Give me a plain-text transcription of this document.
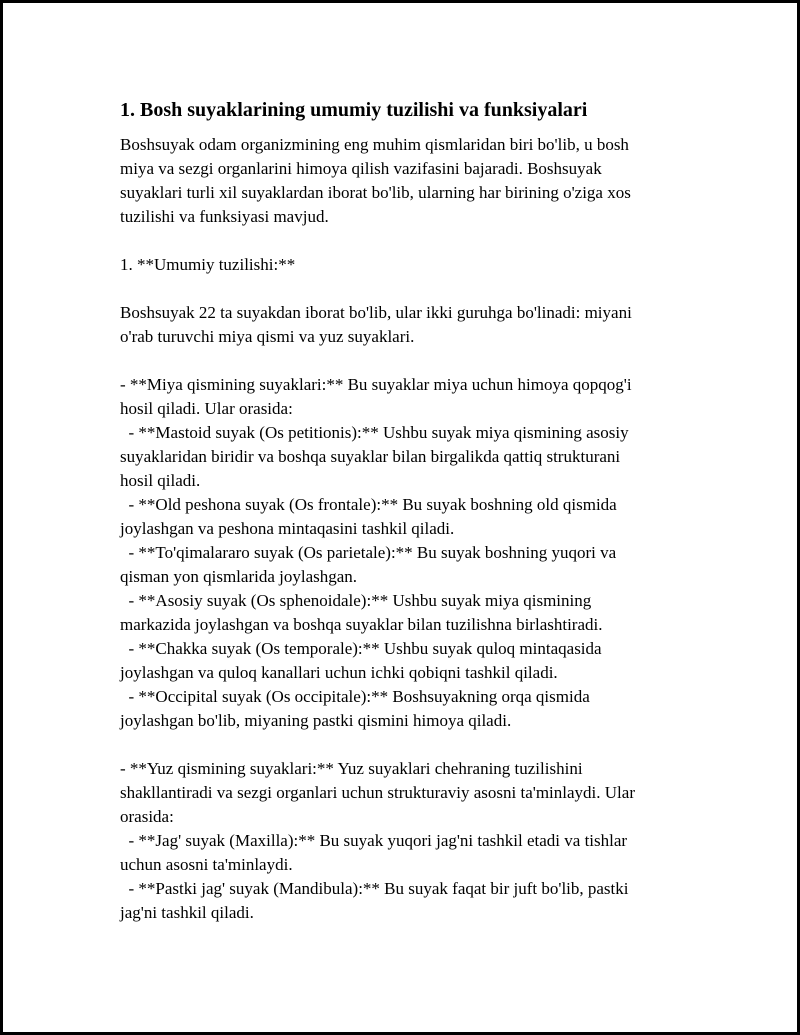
1. Bosh suyaklarining umumiy tuzilishi va funksiyalari

Boshsuyak odam organizmining eng muhim qismlaridan biri bo'lib, u bosh
miya va sezgi organlarini himoya qilish vazifasini bajaradi. Boshsuyak
suyaklari turli xil suyaklardan iborat bo'lib, ularning har birining o'ziga xos
tuzilishi va funksiyasi mavjud.

1. **Umumiy tuzilishi:**

Boshsuyak 22 ta suyakdan iborat bo'lib, ular ikki guruhga bo'linadi: miyani
o'rab turuvchi miya qismi va yuz suyaklari.

- **Miya qismining suyaklari:** Bu suyaklar miya uchun himoya qopqog'i
hosil qiladi. Ular orasida:

- **Mastoid suyak (Os petitionis):** Ushbu suyak miya qismining asosiy
suyaklaridan biridir va boshqa suyaklar bilan birgalikda qattiq strukturani
hosil qiladi.

- **Old peshona suyak (Os frontale):** Bu suyak boshning old qismida
joylashgan va peshona mintaqasini tashkil qiladi.

- **To'qimalararo suyak (Os parietale):** Bu suyak boshning yuqori va
qisman yon qismlarida joylashgan.

- **Asosiy suyak (Os sphenoidale):** Ushbu suyak miya qismining
markazida joylashgan va boshqa suyaklar bilan tuzilishna birlashtiradi.

- **Chakka suyak (Os temporale):** Ushbu suyak quloq mintaqasida
joylashgan va quloq kanallari uchun ichki qobiqni tashkil qiladi.

- **Occipital suyak (Os occipitale):** Boshsuyakning orqa qismida
joylashgan bo'lib, miyaning pastki qismini himoya qiladi.

- **Yuz qismining suyaklari:** Yuz suyaklari chehraning tuzilishini
shakllantiradi va sezgi organlari uchun strukturaviy asosni ta'minlaydi. Ular
orasida:

- **Jag' suyak (Maxilla):** Bu suyak yuqori jag'ni tashkil etadi va tishlar
uchun asosni ta'minlaydi.

- **Pastki jag' suyak (Mandibula):** Bu suyak faqat bir juft bo'lib, pastki
jag'ni tashkil qiladi.
